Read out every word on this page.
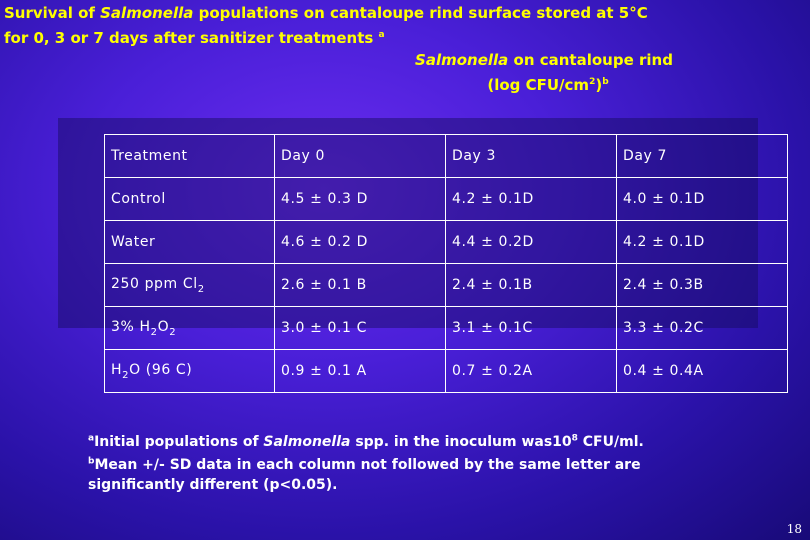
Survival of Salmonella populations on cantaloupe rind surface stored at 5°C
for 0, 3 or 7 days after sanitizer treatments $^a$
Salmonella on cantaloupe rind
(log CFU/$cm^2)^b$
Treatment	Day 0	Day 3	Day 7
Control	4.5 ± 0.3 D	4.2 ± 0.1D	4.0 ± 0.1D
Water	4.6 ± 0.2 D	4.4 ± 0.2D	4.2 ± 0.1D
250 ppm $Cl_2$	2.6 ± 0.1 B	2.4 ± 0.1B	2.4 ± 0.3B
3% $H_2O_2$	3.0 ± 0.1 C	3.1 ± 0.1C	3.3 ± 0.2C
$H_2O$ (96 C)	0.9 ± 0.1 A	0.7 ± 0.2A	0.4 ± 0.4A
$^a$Initial populations of Salmonella spp. in the inoculum $was10^8$ CFU/ml.
$^b$Mean +/- SD data in each column not followed by the same letter are
significantly different (p<0.05).
18
